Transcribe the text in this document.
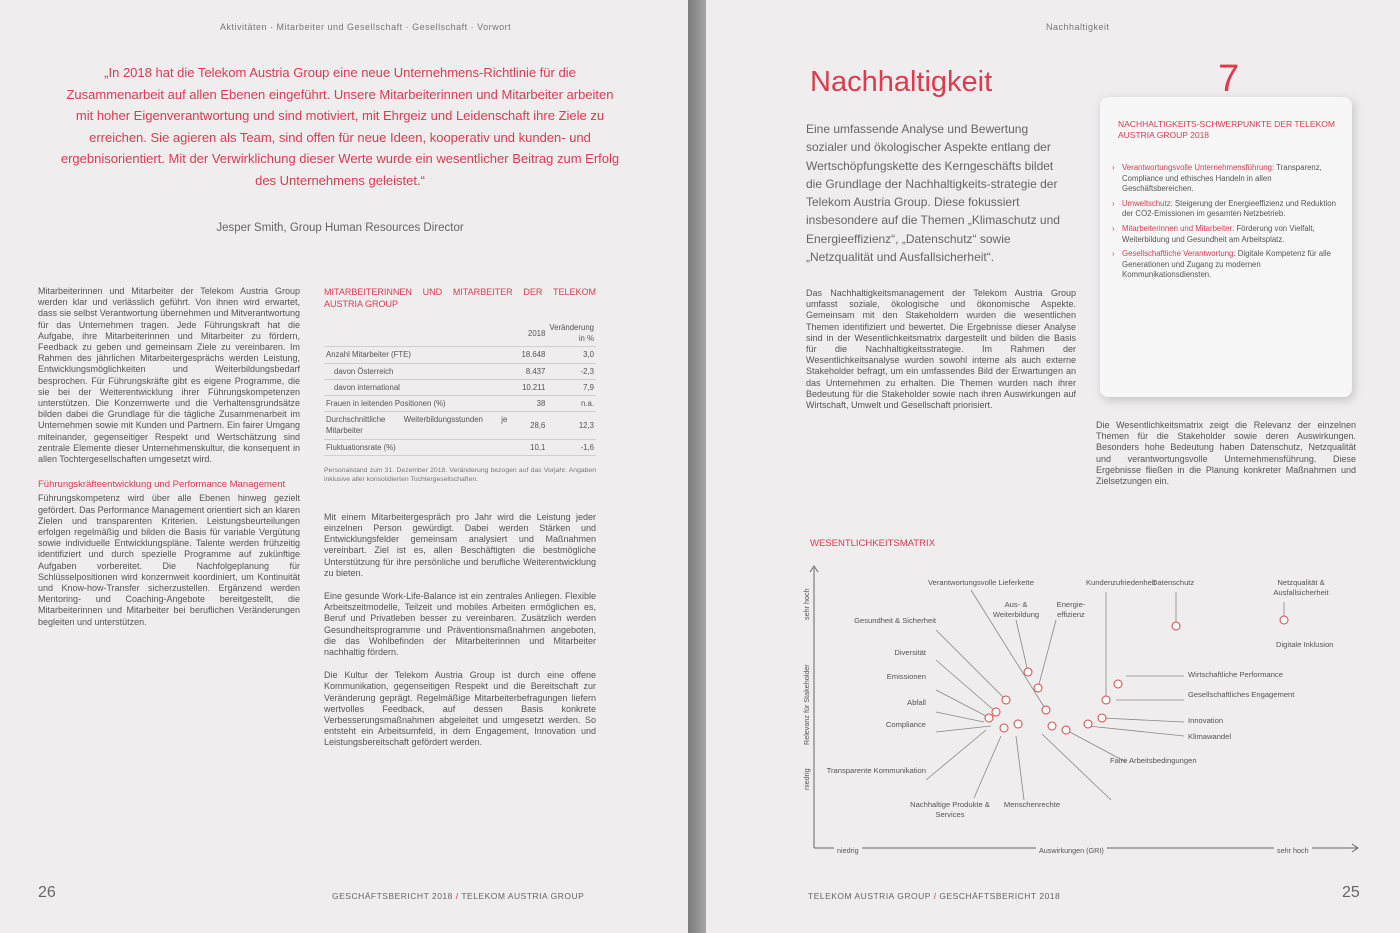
Aktivitäten · Mitarbeiter und Gesellschaft · Gesellschaft · Vorwort
„In 2018 hat die Telekom Austria Group eine neue Unternehmens-Richtlinie für die Zusammenarbeit auf allen Ebenen eingeführt. Unsere Mitarbeiterinnen und Mitarbeiter arbeiten mit hoher Eigenverantwortung und sind motiviert, mit Ehrgeiz und Leidenschaft ihre Ziele zu erreichen. Sie agieren als Team, sind offen für neue Ideen, kooperativ und kunden- und ergebnisorientiert. Mit der Verwirklichung dieser Werte wurde ein wesentlicher Beitrag zum Erfolg des Unternehmens geleistet.“
Jesper Smith, Group Human Resources Director

Mitarbeiterinnen und Mitarbeiter der Telekom Austria Group werden klar und verlässlich geführt. Von ihnen wird erwartet, dass sie selbst Verantwortung übernehmen und Mitverantwortung für das Unternehmen tragen. Jede Führungskraft hat die Aufgabe, ihre Mitarbeiterinnen und Mitarbeiter zu fördern, Feedback zu geben und gemeinsam Ziele zu vereinbaren. Im Rahmen des jährlichen Mitarbeitergesprächs werden Leistung, Entwicklungsmöglichkeiten und Weiterbildungsbedarf besprochen. Für Führungskräfte gibt es eigene Programme, die sie bei der Weiterentwicklung ihrer Führungskompetenzen unterstützen. Die Konzernwerte und die Verhaltensgrundsätze bilden dabei die Grundlage für die tägliche Zusammenarbeit im Unternehmen sowie mit Kunden und Partnern. Ein fairer Umgang miteinander, gegenseitiger Respekt und Wertschätzung sind zentrale Elemente dieser Unternehmenskultur, die konsequent in allen Tochtergesellschaften umgesetzt wird.

Führungskräfteentwicklung und Performance Management

Führungskompetenz wird über alle Ebenen hinweg gezielt gefördert. Das Performance Management orientiert sich an klaren Zielen und transparenten Kriterien. Leistungsbeurteilungen erfolgen regelmäßig und bilden die Basis für variable Vergütung sowie individuelle Entwicklungspläne. Talente werden frühzeitig identifiziert und durch spezielle Programme auf zukünftige Aufgaben vorbereitet. Die Nachfolgeplanung für Schlüsselpositionen wird konzernweit koordiniert, um Kontinuität und Know-how-Transfer sicherzustellen. Ergänzend werden Mentoring- und Coaching-Angebote bereitgestellt, die Mitarbeiterinnen und Mitarbeiter bei beruflichen Veränderungen begleiten und unterstützen.

MITARBEITERINNEN UND MITARBEITER DER TELEKOM AUSTRIA GROUP
	2018	Veränderung in %
Anzahl Mitarbeiter (FTE)	18.648	3,0
davon Österreich	8.437	-2,3
davon international	10.211	7,9
Frauen in leitenden Positionen (%)	38	n.a.
Durchschnittliche Weiterbildungsstunden je Mitarbeiter	28,6	12,3
Fluktuationsrate (%)	10,1	-1,6
Personalstand zum 31. Dezember 2018. Veränderung bezogen auf das Vorjahr. Angaben inklusive aller konsolidierten Tochtergesellschaften.

Mit einem Mitarbeitergespräch pro Jahr wird die Leistung jeder einzelnen Person gewürdigt. Dabei werden Stärken und Entwicklungsfelder gemeinsam analysiert und Maßnahmen vereinbart. Ziel ist es, allen Beschäftigten die bestmögliche Unterstützung für ihre persönliche und berufliche Weiterentwicklung zu bieten.

Eine gesunde Work-Life-Balance ist ein zentrales Anliegen. Flexible Arbeitszeitmodelle, Teilzeit und mobiles Arbeiten ermöglichen es, Beruf und Privatleben besser zu vereinbaren. Zusätzlich werden Gesundheitsprogramme und Präventionsmaßnahmen angeboten, die das Wohlbefinden der Mitarbeiterinnen und Mitarbeiter nachhaltig fördern.

Die Kultur der Telekom Austria Group ist durch eine offene Kommunikation, gegenseitigen Respekt und die Bereitschaft zur Veränderung geprägt. Regelmäßige Mitarbeiterbefragungen liefern wertvolles Feedback, auf dessen Basis konkrete Verbesserungsmaßnahmen abgeleitet und umgesetzt werden. So entsteht ein Arbeitsumfeld, in dem Engagement, Innovation und Leistungsbereitschaft gefördert werden.

26	GESCHÄFTSBERICHT 2018 / TELEKOM AUSTRIA GROUP
Nachhaltigkeit
Nachhaltigkeit
Eine umfassende Analyse und Bewertung sozialer und ökologischer Aspekte entlang der Wertschöpfungskette des Kerngeschäfts bildet die Grundlage der Nachhaltigkeits-strategie der Telekom Austria Group. Diese fokussiert insbesondere auf die Themen „Klimaschutz und Energieeffizienz“, „Datenschutz“ sowie „Netzqualität und Ausfallsicherheit“.
NACHHALTIGKEITS-SCHWERPUNKTE DER TELEKOM AUSTRIA GROUP 2018
› Verantwortungsvolle Unternehmensführung: Transparenz, Compliance und ethisches Handeln in allen Geschäftsbereichen.
› Umweltschutz: Steigerung der Energieeffizienz und Reduktion der CO2-Emissionen im gesamten Netzbetrieb.
› Mitarbeiterinnen und Mitarbeiter: Förderung von Vielfalt, Weiterbildung und Gesundheit am Arbeitsplatz.
› Gesellschaftliche Verantwortung: Digitale Kompetenz für alle Generationen und Zugang zu modernen Kommunikationsdiensten.
7

Das Nachhaltigkeitsmanagement der Telekom Austria Group umfasst soziale, ökologische und ökonomische Aspekte. Gemeinsam mit den Stakeholdern wurden die wesentlichen Themen identifiziert und bewertet. Die Ergebnisse dieser Analyse sind in der Wesentlichkeitsmatrix dargestellt und bilden die Basis für die Nachhaltigkeitsstrategie. Im Rahmen der Wesentlichkeitsanalyse wurden sowohl interne als auch externe Stakeholder befragt, um ein umfassendes Bild der Erwartungen an das Unternehmen zu erhalten. Die Themen wurden nach ihrer Bedeutung für die Stakeholder sowie nach ihren Auswirkungen auf Wirtschaft, Umwelt und Gesellschaft priorisiert.

Die Wesentlichkeitsmatrix zeigt die Relevanz der einzelnen Themen für die Stakeholder sowie deren Auswirkungen. Besonders hohe Bedeutung haben Datenschutz, Netzqualität und verantwortungsvolle Unternehmensführung. Diese Ergebnisse fließen in die Planung konkreter Maßnahmen und Zielsetzungen ein.

WESENTLICHKEITSMATRIX
niedrig
Relevanz für Stakeholder
sehr hoch
niedrig	Auswirkungen (GRI)	sehr hoch
Verantwortungsvolle Lieferkette	Kundenzufriedenheit
Datenschutz	Netzqualität & Ausfallsicherheit
Aus- & Weiterbildung
Energie-effizienz
Digitale Inklusion
Gesundheit & Sicherheit
Diversität
Emissionen
Abfall
Compliance
Wirtschaftliche Performance
Gesellschaftliches Engagement
Innovation
Klimawandel
Faire Arbeitsbedingungen
Transparente Kommunikation
Nachhaltige Produkte & Services
Menschenrechte
TELEKOM AUSTRIA GROUP / GESCHÄFTSBERICHT 2018	25
